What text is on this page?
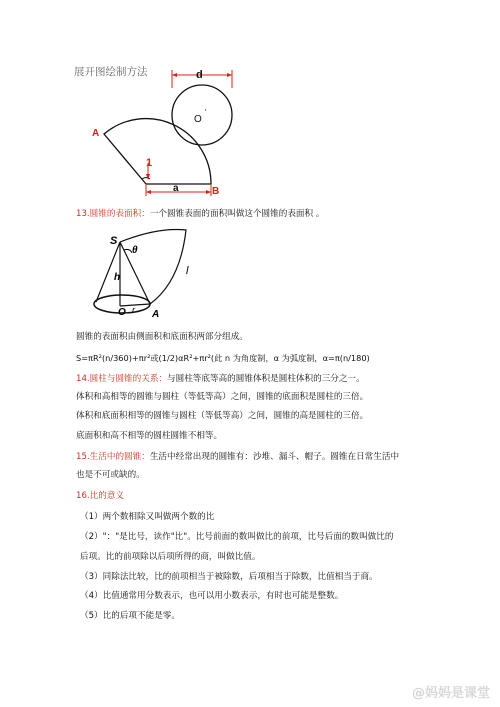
展开图绘制方法	d
O
'
A
1
a	B
13.圆锥的表面积：一个圆锥表面的面积叫做这个圆锥的表面积 。
S
θ
h
l
O r A
圆锥的表面积由侧面积和底面积两部分组成。
S=πR²(n/360)+πr²或(1/2)αR²+πr²(此 n 为角度制，α 为弧度制，α=π(n/180)
14.圆柱与圆锥的关系：与圆柱等底等高的圆锥体积是圆柱体积的三分之一。
体积和高相等的圆锥与圆柱（等低等高）之间，圆锥的底面积是圆柱的三倍。
体积和底面积相等的圆锥与圆柱（等低等高）之间，圆锥的高是圆柱的三倍。
底面积和高不相等的圆柱圆锥不相等。
15.生活中的圆锥：生活中经常出现的圆锥有：沙堆、漏斗、帽子。圆锥在日常生活中
也是不可或缺的。
16.比的意义
（1）两个数相除又叫做两个数的比
（2）"："是比号，读作"比"。比号前面的数叫做比的前项，比号后面的数叫做比的
后项。比的前项除以后项所得的商，叫做比值。
（3）同除法比较，比的前项相当于被除数，后项相当于除数，比值相当于商。
（4）比值通常用分数表示，也可以用小数表示，有时也可能是整数。
（5）比的后项不能是零。
@妈妈是课堂
